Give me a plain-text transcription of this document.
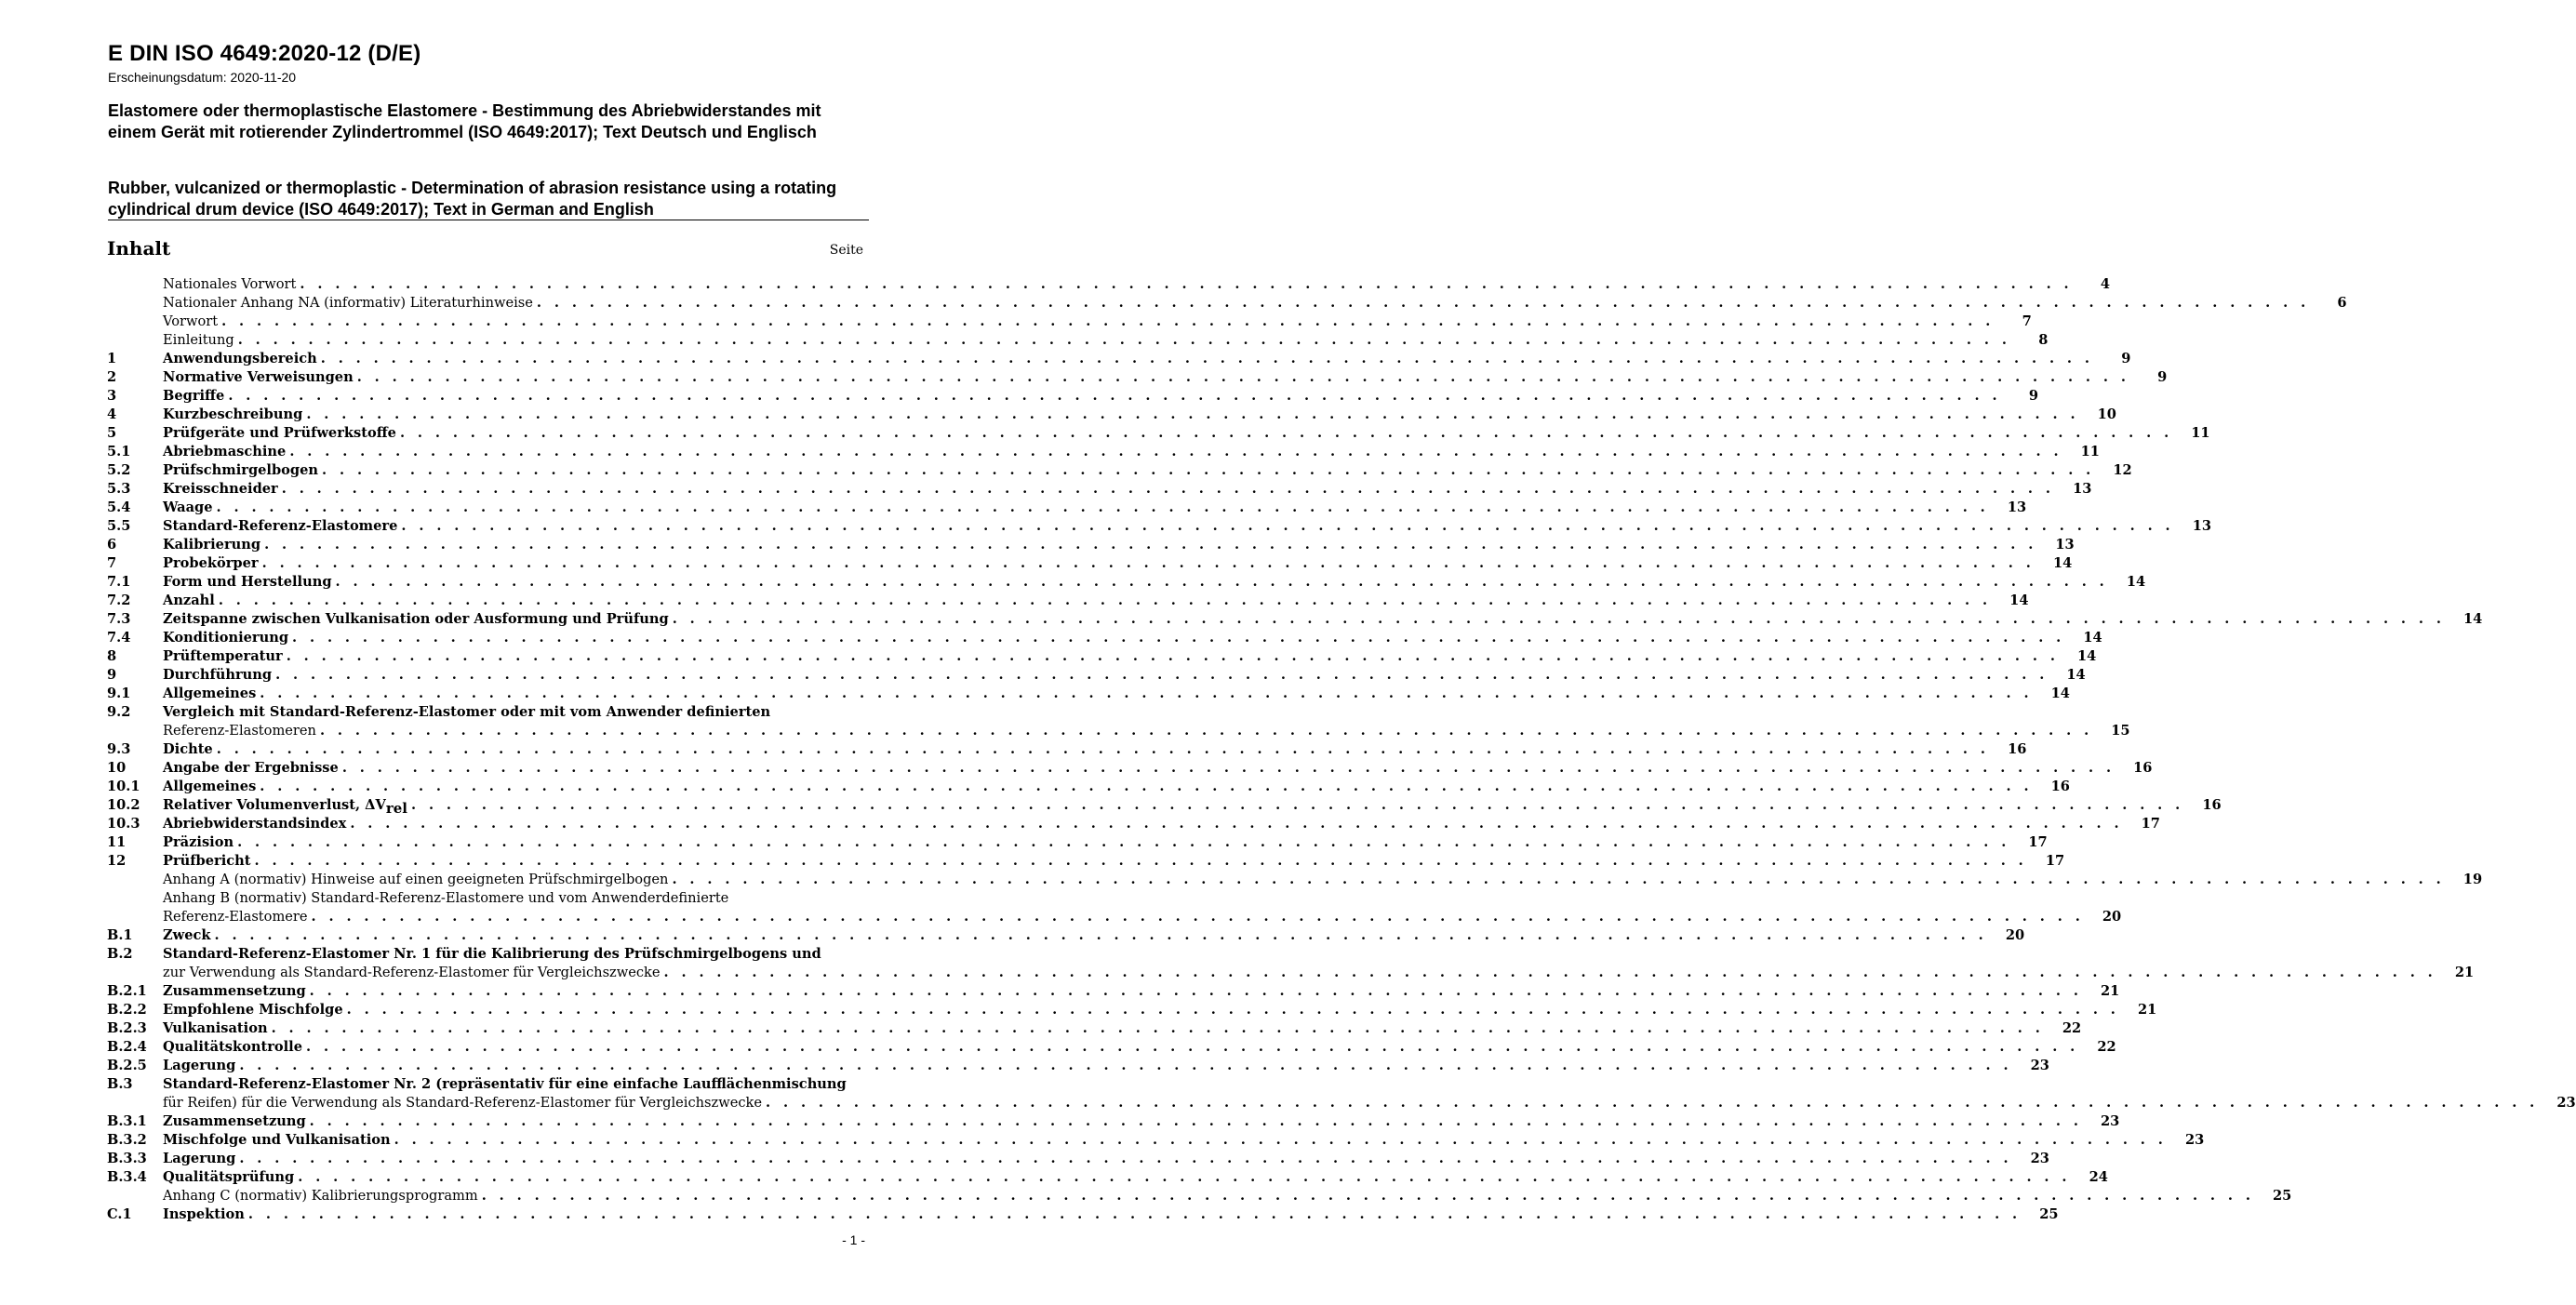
E DIN ISO 4649:2020-12 (D/E)
Erscheinungsdatum: 2020-11-20
Elastomere oder thermoplastische Elastomere - Bestimmung des Abriebwiderstandes mit einem Gerät mit rotierender Zylindertrommel (ISO 4649:2017); Text Deutsch und Englisch
Rubber, vulcanized or thermoplastic - Determination of abrasion resistance using a rotating cylindrical drum device (ISO 4649:2017); Text in German and English
Inhalt	Seite
Nationales Vorwort . . .	4
Nationaler Anhang NA (informativ) Literaturhinweise . . .	6
Vorwort . . .	7
Einleitung . . .	8
1	Anwendungsbereich . . .	9
2	Normative Verweisungen . . .	9
3	Begriffe . . .	9
4	Kurzbeschreibung . . .	10
5	Prüfgeräte und Prüfwerkstoffe . . .	11
5.1	Abriebmaschine . . .	11
5.2	Prüfschmirgelbogen . . .	12
5.3	Kreisschneider . . .	13
5.4	Waage . . .	13
5.5	Standard-Referenz-Elastomere . . .	13
6	Kalibrierung . . .	13
7	Probekörper . . .	14
7.1	Form und Herstellung . . .	14
7.2	Anzahl . . .	14
7.3	Zeitspanne zwischen Vulkanisation oder Ausformung und Prüfung . . .	14
7.4	Konditionierung . . .	14
8	Prüftemperatur . . .	14
9	Durchführung . . .	14
9.1	Allgemeines . . .	14
9.2	Vergleich mit Standard-Referenz-Elastomer oder mit vom Anwender definierten
Referenz-Elastomeren . . .	15
9.3	Dichte . . .	16
10	Angabe der Ergebnisse . . .	16
10.1	Allgemeines . . .	16
10.2	Relativer Volumenverlust, $\Delta V_{rel}$ . . .	16
10.3	Abriebwiderstandsindex . . .	17
11	Präzision . . .	17
12	Prüfbericht . . .	17
Anhang A (normativ) Hinweise auf einen geeigneten Prüfschmirgelbogen . . .	19
Anhang B (normativ) Standard-Referenz-Elastomere und vom Anwenderdefinierte
Referenz-Elastomere . . .	20
B.1	Zweck . . .	20
B.2	Standard-Referenz-Elastomer Nr. 1 für die Kalibrierung des Prüfschmirgelbogens und
zur Verwendung als Standard-Referenz-Elastomer für Vergleichszwecke . . .	21
B.2.1	Zusammensetzung . . .	21
B.2.2	Empfohlene Mischfolge . . .	21
B.2.3	Vulkanisation . . .	22
B.2.4	Qualitätskontrolle . . .	22
B.2.5	Lagerung . . .	23
B.3	Standard-Referenz-Elastomer Nr. 2 (repräsentativ für eine einfache Laufflächenmischung
für Reifen) für die Verwendung als Standard-Referenz-Elastomer für Vergleichszwecke . . .	23
B.3.1	Zusammensetzung . . .	23
B.3.2	Mischfolge und Vulkanisation . . .	23
B.3.3	Lagerung . . .	23
B.3.4	Qualitätsprüfung . . .	24
Anhang C (normativ) Kalibrierungsprogramm . . .	25
C.1	Inspektion . . .	25
- 1 -
